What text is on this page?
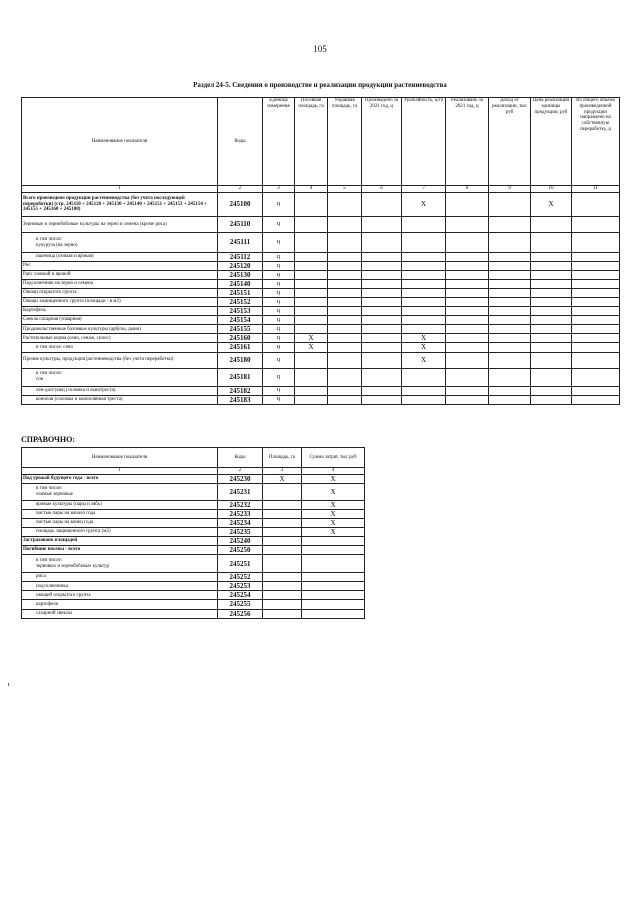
105
Раздел 24-5. Сведения о производстве и реализации продукции растениеводства
Наименование показателя	Коды	Единица измерения	Посевная площадь, га	Убранная площадь, га	Произведено за 2021 год, ц	Урожайность, ц/га	Реализовано за 2021 год, ц	Доход от реализации, тыс руб	Цена реализации единицы продукции, руб	Из общего объема произведенной продукции направлено на собственную переработку, ц
1	2	3	4	5	6	7	8	9	10	11
Всего произведено продукции растениеводства (без учета последующей переработки) (стр. 245110 + 245120 + 245130 + 245140 + 245151 + 245153 + 245154 + 245155 + 245160 + 245180)	245100	ц				X			X	
Зерновые и зернобобовые культуры на зерно и семена (кроме риса)	245110	ц								
в том числе:
кукуруза (на зерно)	245111	ц								
пшеница (озимая и яровая)	245112	ц								
Рис	245120	ц								
Рапс озимый и яровой	245130	ц								
Подсолнечник на зерно и семена	245140	ц								
Овощи открытого грунта	245151	ц								
Овощи защищенного грунта (площади - в м2)	245152	ц								
Картофель	245153	ц								
Свекла сахарная (товарная)	245154	ц								
Продовольственные бахчевые культуры (арбузы, дыни)	245155	ц								
Растительные корма (сено, сенаж, силос)	245160	ц	X			X				
в том числе: сено	245161	ц	X			X				
Прочие культуры, продукция растениеводства (без учета переработки)	245180	ц				X				
в том числе:
соя	245181	ц								
лен-долгунец (соломка и льнотреста)	245182	ц								
конопля (соломка и коноплянная треста)	245183	ц								
СПРАВОЧНО:
Наименование показателя	Коды	Площадь, га	Сумма затрат, тыс руб
1	2	3	4
Под урожай будущего года - всего	245230	X	X
в том числе:
озимые зерновые	245231		X
яровые культуры (пары и зябь)	245232		X
чистые пары на начало года	245233		X
чистые пары на конец года	245234		X
площадь защищенного грунта (м2)	245235		X
Застраховано площадей	245240		
Погибшие посевы - всего	245250		
в том числе:
зерновых и зернобобовых культур	245251		
риса	245252		
подсолнечника	245253		
овощей открытого грунта	245254		
картофеля	245255		
сахарной свеклы	245256		
